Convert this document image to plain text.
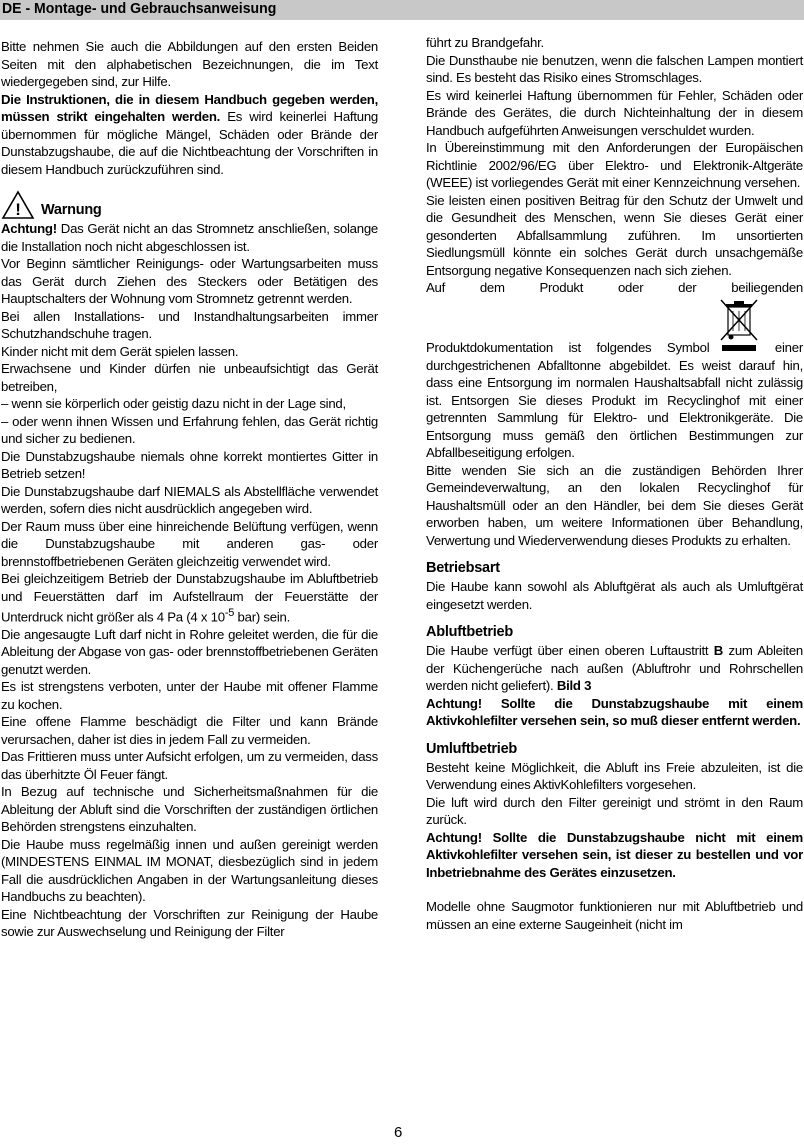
DE - Montage- und Gebrauchsanweisung

Bitte nehmen Sie auch die Abbildungen auf den ersten Beiden Seiten mit den alphabetischen Bezeichnungen, die im Text wiedergegeben sind, zur Hilfe.

Die Instruktionen, die in diesem Handbuch gegeben werden, müssen strikt eingehalten werden. Es wird keinerlei Haftung übernommen für mögliche Mängel, Schäden oder Brände der Dunstabzugshaube, die auf die Nichtbeachtung der Vorschriften in diesem Handbuch zurückzuführen sind.

! Warnung

Achtung! Das Gerät nicht an das Stromnetz anschließen, solange die Installation noch nicht abgeschlossen ist.

Vor Beginn sämtlicher Reinigungs- oder Wartungsarbeiten muss das Gerät durch Ziehen des Steckers oder Betätigen des Hauptschalters der Wohnung vom Stromnetz getrennt werden.

Bei allen Installations- und Instandhaltungsarbeiten immer Schutzhandschuhe tragen.

Kinder nicht mit dem Gerät spielen lassen.

Erwachsene und Kinder dürfen nie unbeaufsichtigt das Gerät betreiben,

– wenn sie körperlich oder geistig dazu nicht in der Lage sind,

– oder wenn ihnen Wissen und Erfahrung fehlen, das Gerät richtig und sicher zu bedienen.

Die Dunstabzugshaube niemals ohne korrekt montiertes Gitter in Betrieb setzen!

Die Dunstabzugshaube darf NIEMALS als Abstellfläche verwendet werden, sofern dies nicht ausdrücklich angegeben wird.

Der Raum muss über eine hinreichende Belüftung verfügen, wenn die Dunstabzugshaube mit anderen gas- oder brennstoffbetriebenen Geräten gleichzeitig verwendet wird.

Bei gleichzeitigem Betrieb der Dunstabzugshaube im Abluftbetrieb und Feuerstätten darf im Aufstellraum der Feuerstätte der Unterdruck nicht größer als 4 Pa (4 x $10^{-5}$ bar) sein.

Die angesaugte Luft darf nicht in Rohre geleitet werden, die für die Ableitung der Abgase von gas- oder brennstoffbetriebenen Geräten genutzt werden.

Es ist strengstens verboten, unter der Haube mit offener Flamme zu kochen.

Eine offene Flamme beschädigt die Filter und kann Brände verursachen, daher ist dies in jedem Fall zu vermeiden.

Das Frittieren muss unter Aufsicht erfolgen, um zu vermeiden, dass das überhitzte Öl Feuer fängt.

In Bezug auf technische und Sicherheitsmaßnahmen für die Ableitung der Abluft sind die Vorschriften der zuständigen örtlichen Behörden strengstens einzuhalten.

Die Haube muss regelmäßig innen und außen gereinigt werden (MINDESTENS EINMAL IM MONAT, diesbezüglich sind in jedem Fall die ausdrücklichen Angaben in der Wartungsanleitung dieses Handbuchs zu beachten).

Eine Nichtbeachtung der Vorschriften zur Reinigung der Haube sowie zur Auswechselung und Reinigung der Filter

führt zu Brandgefahr.

Die Dunsthaube nie benutzen, wenn die falschen Lampen montiert sind. Es besteht das Risiko eines Stromschlages.

Es wird keinerlei Haftung übernommen für Fehler, Schäden oder Brände des Gerätes, die durch Nichteinhaltung der in diesem Handbuch aufgeführten Anweisungen verschuldet wurden.

In Übereinstimmung mit den Anforderungen der Europäischen Richtlinie 2002/96/EG über Elektro- und Elektronik-Altgeräte (WEEE) ist vorliegendes Gerät mit einer Kennzeichnung versehen.

Sie leisten einen positiven Beitrag für den Schutz der Umwelt und die Gesundheit des Menschen, wenn Sie dieses Gerät einer gesonderten Abfallsammlung zuführen. Im unsortierten Siedlungsmüll könnte ein solches Gerät durch unsachgemäße Entsorgung negative Konsequenzen nach sich ziehen.

Auf dem Produkt oder der beiliegenden

Produktdokumentation ist folgendes Symbol	einer durchgestrichenen Abfalltonne abgebildet. Es weist darauf hin, dass eine Entsorgung im normalen Haushaltsabfall nicht zulässig ist. Entsorgen Sie dieses Produkt im Recyclinghof mit einer getrennten Sammlung für Elektro- und Elektronikgeräte. Die Entsorgung muss gemäß den örtlichen Bestimmungen zur Abfallbeseitigung erfolgen.

Bitte wenden Sie sich an die zuständigen Behörden Ihrer Gemeindeverwaltung, an den lokalen Recyclinghof für Haushaltsmüll oder an den Händler, bei dem Sie dieses Gerät erworben haben, um weitere Informationen über Behandlung, Verwertung und Wiederverwendung dieses Produkts zu erhalten.

Betriebsart

Die Haube kann sowohl als Abluftgërat als auch als Umluftgërat eingesetzt werden.

Abluftbetrieb

Die Haube verfügt über einen oberen Luftaustritt B zum Ableiten der Küchengerüche nach außen (Abluftrohr und Rohrschellen werden nicht geliefert). Bild 3

Achtung! Sollte die Dunstabzugshaube mit einem Aktivkohlefilter versehen sein, so muß dieser entfernt werden.

Umluftbetrieb

Besteht keine Möglichkeit, die Abluft ins Freie abzuleiten, ist die Verwendung eines AktivKohlefilters vorgesehen.

Die luft wird durch den Filter gereinigt und strömt in den Raum zurück.

Achtung! Sollte die Dunstabzugshaube nicht mit einem Aktivkohlefilter versehen sein, ist dieser zu bestellen und vor Inbetriebnahme des Gerätes einzusetzen.

Modelle ohne Saugmotor funktionieren nur mit Abluftbetrieb und müssen an eine externe Saugeinheit (nicht im

6
